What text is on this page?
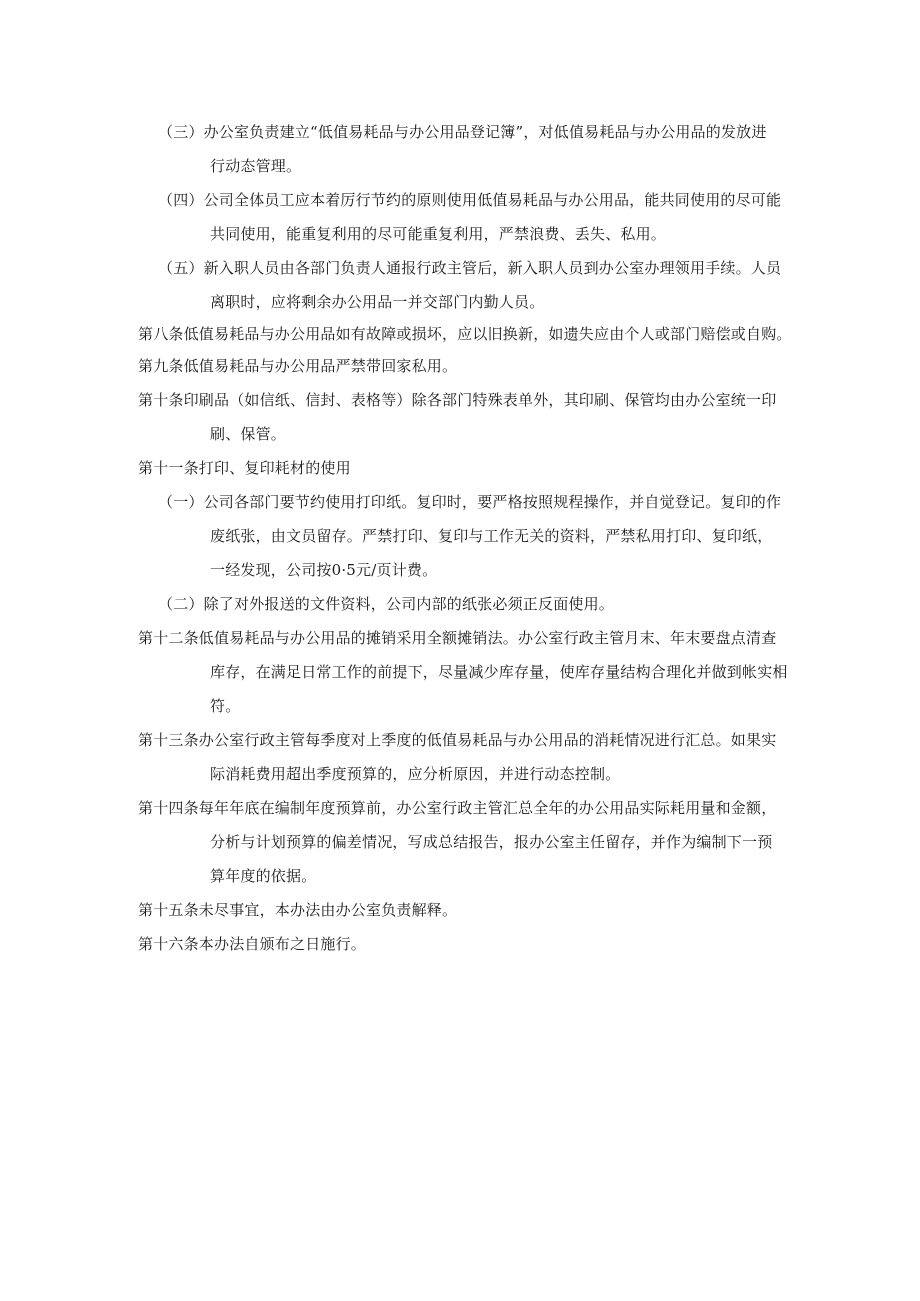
（三）办公室负责建立“低值易耗品与办公用品登记簿”，对低值易耗品与办公用品的发放进
行动态管理。
（四）公司全体员工应本着厉行节约的原则使用低值易耗品与办公用品，能共同使用的尽可能
共同使用，能重复利用的尽可能重复利用，严禁浪费、丢失、私用。
（五）新入职人员由各部门负责人通报行政主管后，新入职人员到办公室办理领用手续。人员
离职时，应将剩余办公用品一并交部门内勤人员。
第八条低值易耗品与办公用品如有故障或损坏，应以旧换新，如遗失应由个人或部门赔偿或自购。
第九条低值易耗品与办公用品严禁带回家私用。
第十条印刷品（如信纸、信封、表格等）除各部门特殊表单外，其印刷、保管均由办公室统一印
刷、保管。
第十一条打印、复印耗材的使用
（一）公司各部门要节约使用打印纸。复印时，要严格按照规程操作，并自觉登记。复印的作
废纸张，由文员留存。严禁打印、复印与工作无关的资料，严禁私用打印、复印纸，
一经发现，公司按0·5元/页计费。
（二）除了对外报送的文件资料，公司内部的纸张必须正反面使用。
第十二条低值易耗品与办公用品的摊销采用全额摊销法。办公室行政主管月末、年末要盘点清查
库存，在满足日常工作的前提下，尽量减少库存量，使库存量结构合理化并做到帐实相
符。
第十三条办公室行政主管每季度对上季度的低值易耗品与办公用品的消耗情况进行汇总。如果实
际消耗费用超出季度预算的，应分析原因，并进行动态控制。
第十四条每年年底在编制年度预算前，办公室行政主管汇总全年的办公用品实际耗用量和金额，
分析与计划预算的偏差情况，写成总结报告，报办公室主任留存，并作为编制下一预
算年度的依据。
第十五条未尽事宜，本办法由办公室负责解释。
第十六条本办法自颁布之日施行。
